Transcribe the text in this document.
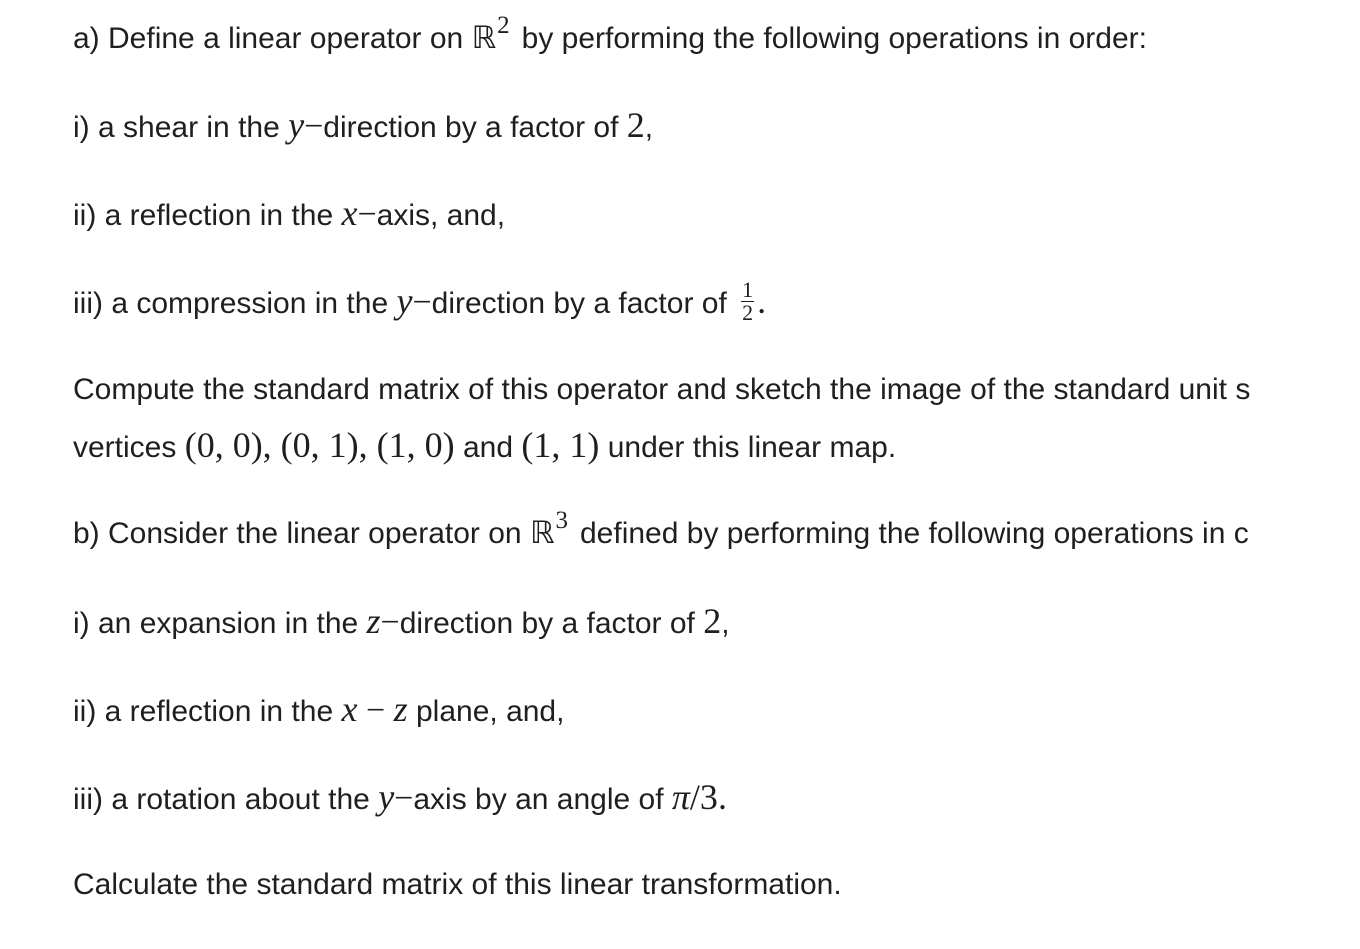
a) Define a linear operator on ℝ$^2$ by performing the following operations in order:
i) a shear in the y−direction by a factor of 2,
ii) a reflection in the x−axis, and,
iii) a compression in the y−direction by a factor of $\frac{1}{2}$ .
Compute the standard matrix of this operator and sketch the image of the standard unit s
vertices (0, 0), (0, 1), (1, 0) and (1, 1) under this linear map.
b) Consider the linear operator on ℝ$^3$ defined by performing the following operations in c
i) an expansion in the z−direction by a factor of 2,
ii) a reflection in the x − z plane, and,
iii) a rotation about the y−axis by an angle of π/3.
Calculate the standard matrix of this linear transformation.
